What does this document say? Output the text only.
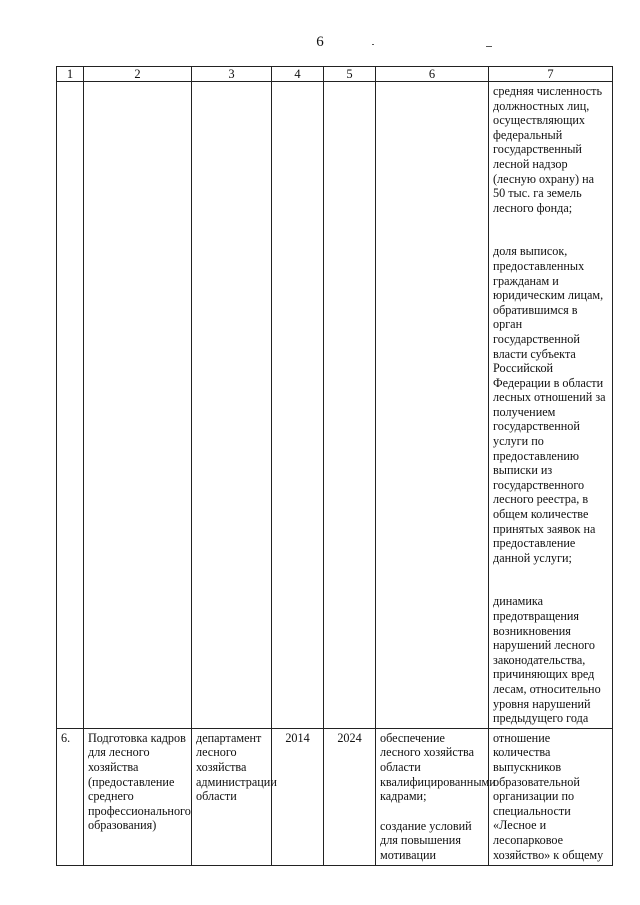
6
1	2	3	4	5	6	7
						средняя численность должностных лиц, осуществляющих федеральный государственный лесной надзор (лесную охрану) на 50 тыс. га земель лесного фонда;
доля выписок, предоставленных гражданам и юридическим лицам, обратившимся в орган государственной власти субъекта Российской Федерации в области лесных отношений за получением государственной услуги по предоставлению выписки из государственного лесного реестра, в общем количестве принятых заявок на предоставление данной услуги;
динамика предотвращения возникновения нарушений лесного законодательства, причиняющих вред лесам, относительно уровня нарушений предыдущего года
6.	Подготовка кадров для лесного хозяйства (предоставление среднего профессионального образования)	департамент лесного хозяйства администрации области	2014	2024	обеспечение лесного хозяйства области квалифицированными кадрами;
создание условий для повышения мотивации	отношение количества выпускников образовательной организации по специальности «Лесное и лесопарковое хозяйство» к общему
